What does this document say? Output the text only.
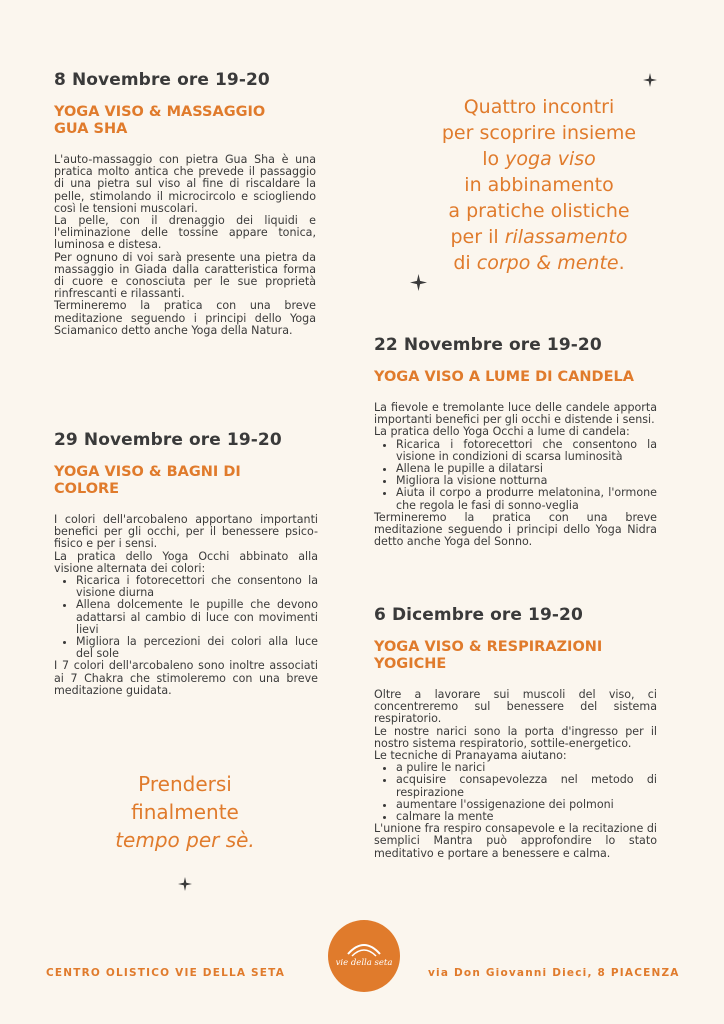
8 Novembre ore 19-20
YOGA VISO & MASSAGGIO
GUA SHA

L'auto-massaggio con pietra Gua Sha è una pratica molto antica che prevede il passaggio di una pietra sul viso al fine di riscaldare la pelle, stimolando il microcircolo e sciogliendo così le tensioni muscolari.

La pelle, con il drenaggio dei liquidi e l'eliminazione delle tossine appare tonica, luminosa e distesa.

Per ognuno di voi sarà presente una pietra da massaggio in Giada dalla caratteristica forma di cuore e conosciuta per le sue proprietà rinfrescanti e rilassanti.

Termineremo la pratica con una breve meditazione seguendo i principi dello Yoga Sciamanico detto anche Yoga della Natura.

29 Novembre ore 19-20
YOGA VISO & BAGNI DI
COLORE

I colori dell'arcobaleno apportano importanti benefici per gli occhi, per il benessere psico-fisico e per i sensi.

La pratica dello Yoga Occhi abbinato alla visione alternata dei colori:

• Ricarica i fotorecettori che consentono la visione diurna
• Allena dolcemente le pupille che devono adattarsi al cambio di luce con movimenti lievi
• Migliora la percezioni dei colori alla luce del sole

I 7 colori dell'arcobaleno sono inoltre associati ai 7 Chakra che stimoleremo con una breve meditazione guidata.

22 Novembre ore 19-20
YOGA VISO A LUME DI CANDELA

La fievole e tremolante luce delle candele apporta importanti benefici per gli occhi e distende i sensi.

La pratica dello Yoga Occhi a lume di candela:

• Ricarica i fotorecettori che consentono la visione in condizioni di scarsa luminosità
• Allena le pupille a dilatarsi
• Migliora la visione notturna
• Aiuta il corpo a produrre melatonina, l'ormone che regola le fasi di sonno-veglia

Termineremo la pratica con una breve meditazione seguendo i principi dello Yoga Nidra detto anche Yoga del Sonno.

6 Dicembre ore 19-20
YOGA VISO & RESPIRAZIONI
YOGICHE

Oltre a lavorare sui muscoli del viso, ci concentreremo sul benessere del sistema respiratorio.

Le nostre narici sono la porta d'ingresso per il nostro sistema respiratorio, sottile-energetico.

Le tecniche di Pranayama aiutano:

• a pulire le narici
• acquisire consapevolezza nel metodo di respirazione
• aumentare l'ossigenazione dei polmoni
• calmare la mente

L'unione fra respiro consapevole e la recitazione di semplici Mantra può approfondire lo stato meditativo e portare a benessere e calma.

Quattro incontri
per scoprire insieme
lo yoga viso
in abbinamento
a pratiche olistiche
per il rilassamento
di corpo & mente.
Prendersi
finalmente
tempo per sè.
CENTRO OLISTICO VIE DELLA SETA
vie della seta
via Don Giovanni Dieci, 8 PIACENZA
